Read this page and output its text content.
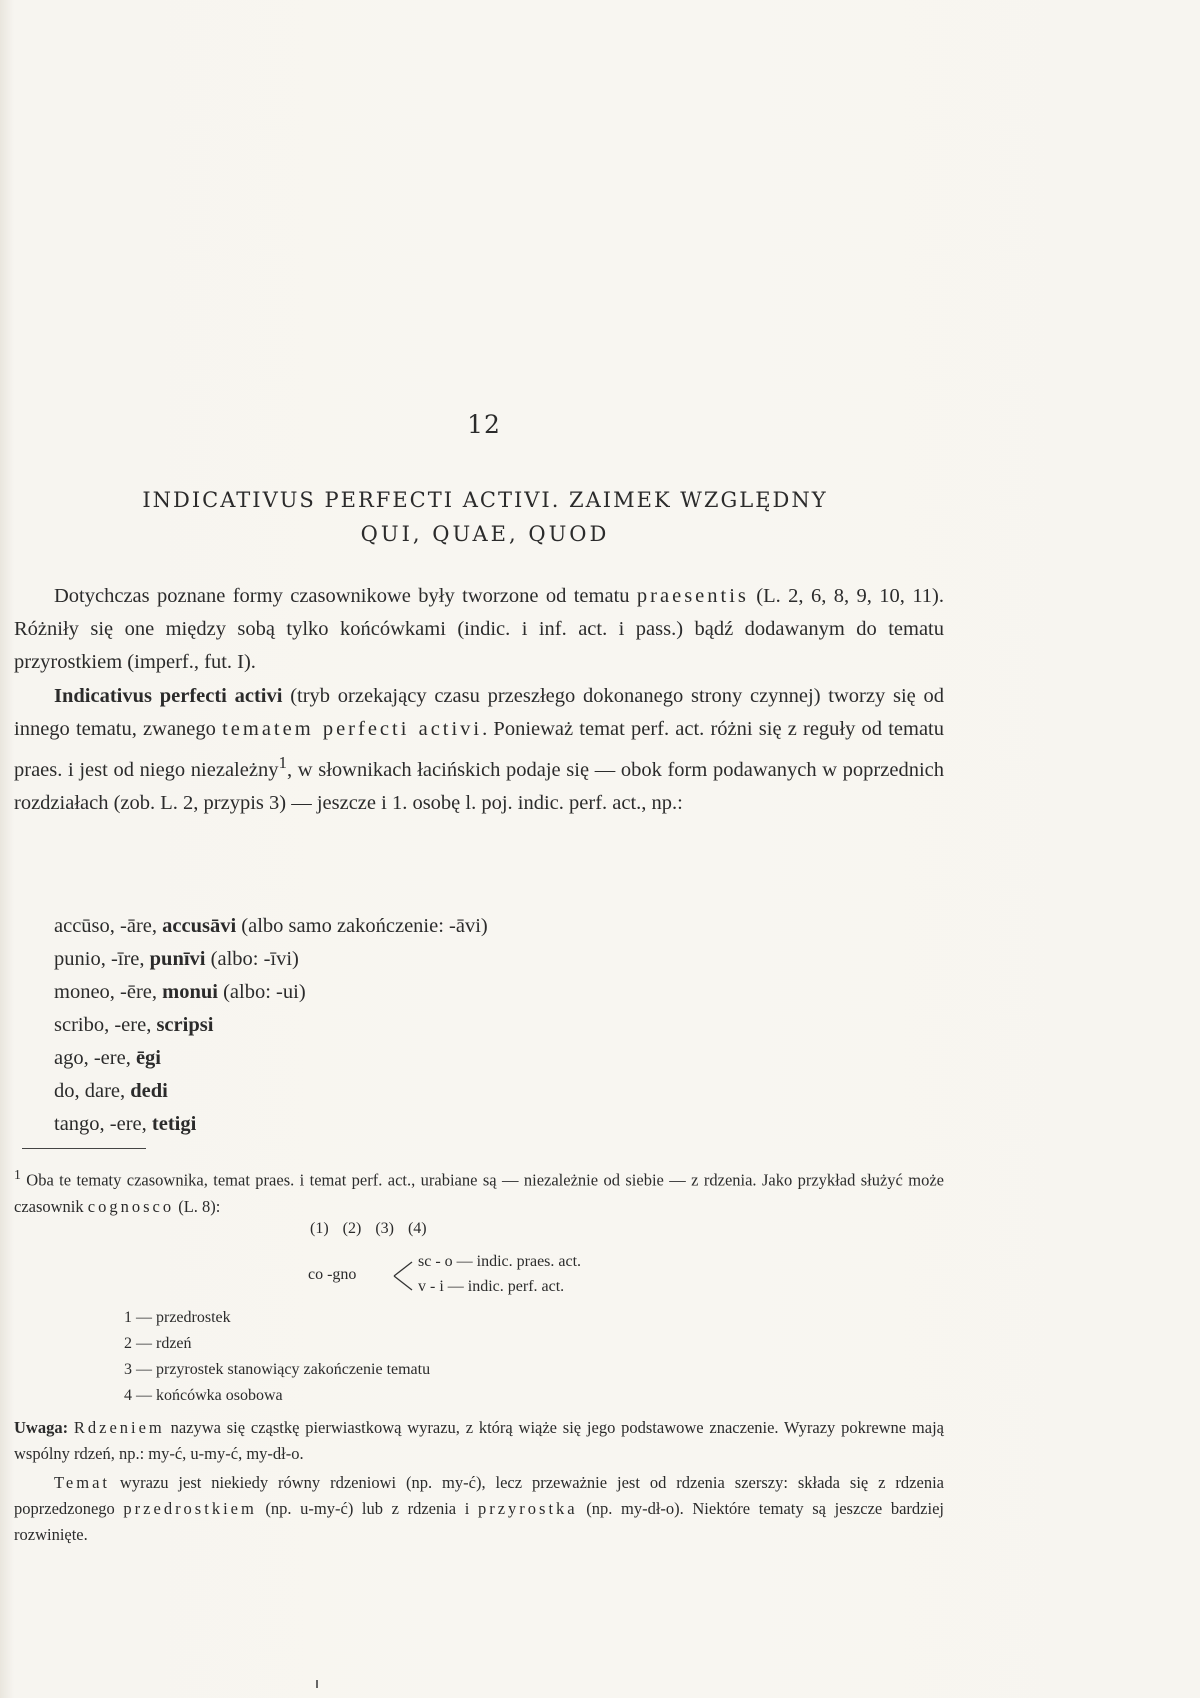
12
INDICATIVUS PERFECTI ACTIVI. ZAIMEK WZGLĘDNY
QUI, QUAE, QUOD

Dotychczas poznane formy czasownikowe były tworzone od tematu praesentis (L. 2, 6, 8, 9, 10, 11). Różniły się one między sobą tylko końcówkami (indic. i inf. act. i pass.) bądź dodawanym do tematu przyrostkiem (imperf., fut. I).

Indicativus perfecti activi (tryb orzekający czasu przeszłego dokonanego strony czynnej) tworzy się od innego tematu, zwanego tematem perfecti activi. Ponieważ temat perf. act. różni się z reguły od tematu praes. i jest od niego niezależny$^1$, w słownikach łacińskich podaje się — obok form podawanych w poprzednich rozdziałach (zob. L. 2, przypis 3) — jeszcze i 1. osobę l. poj. indic. perf. act., np.:

accūso, -āre, accusāvi (albo samo zakończenie: -āvi)
punio, -īre, punīvi (albo: -īvi)
moneo, -ēre, monui (albo: -ui)
scribo, -ere, scripsi
ago, -ere, ēgi
do, dare, dedi
tango, -ere, tetigi

$^1$ Oba te tematy czasownika, temat praes. i temat perf. act., urabiane są — niezależnie od siebie — z rdzenia. Jako przykład służyć może czasownik cognosco (L. 8):

(1) (2) (3) (4)
co -gno
sc - o — indic. praes. act.
v - i — indic. perf. act.
1 — przedrostek
2 — rdzeń
3 — przyrostek stanowiący zakończenie tematu
4 — końcówka osobowa

Uwaga: Rdzeniem nazywa się cząstkę pierwiastkową wyrazu, z którą wiąże się jego podstawowe znaczenie. Wyrazy pokrewne mają wspólny rdzeń, np.: my-ć, u-my-ć, my-dł-o.

Temat wyrazu jest niekiedy równy rdzeniowi (np. my-ć), lecz przeważnie jest od rdzenia szerszy: składa się z rdzenia poprzedzonego przedrostkiem (np. u-my-ć) lub z rdzenia i przyrostka (np. my-dł-o). Niektóre tematy są jeszcze bardziej rozwinięte.
